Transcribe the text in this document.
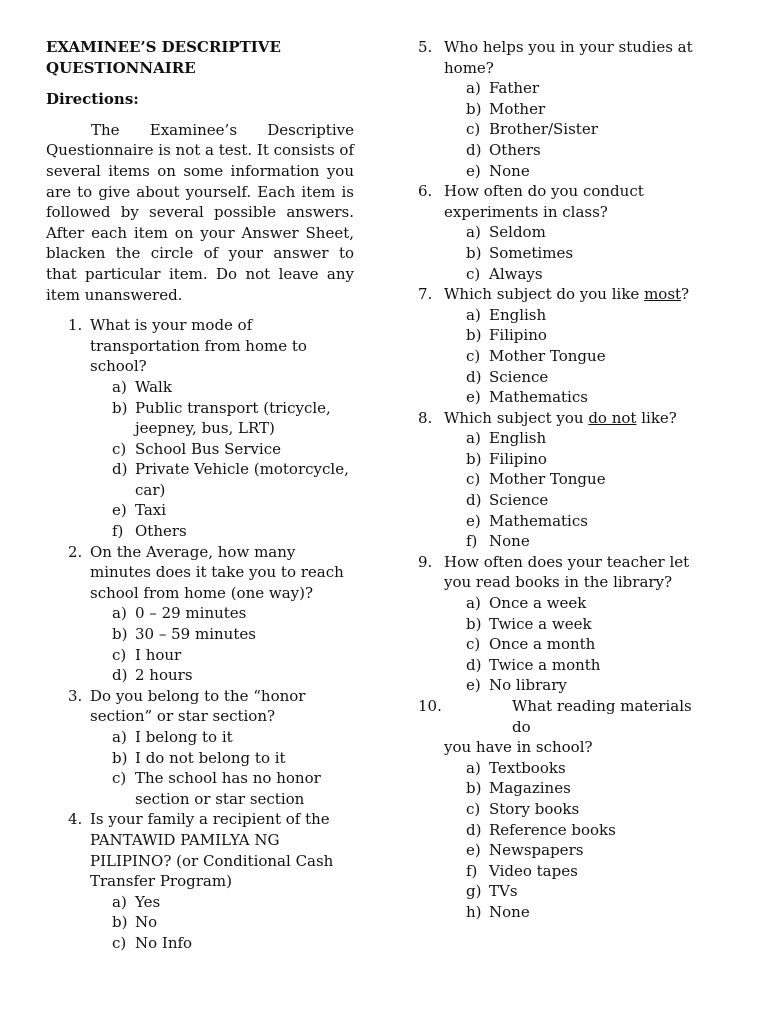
EXAMINEE’S DESCRIPTIVE
QUESTIONNAIRE
Directions:
The Examinee’s Descriptive Questionnaire is not a test. It consists of several items on some information you are to give about yourself. Each item is followed by several possible answers. After each item on your Answer Sheet, blacken the circle of your answer to that particular item. Do not leave any item unanswered.
1. What is your mode of transportation from home to school?
a) Walk
b) Public transport (tricycle, jeepney, bus, LRT)
c) School Bus Service
d) Private Vehicle (motorcycle, car)
e) Taxi
f) Others
2. On the Average, how many minutes does it take you to reach school from home (one way)?
a) 0 – 29 minutes
b) 30 – 59 minutes
c) I hour
d) 2 hours
3. Do you belong to the “honor section” or star section?
a) I belong to it
b) I do not belong to it
c) The school has no honor section or star section
4. Is your family a recipient of the PANTAWID PAMILYA NG PILIPINO? (or Conditional Cash Transfer Program)
a) Yes
b) No
c) No Info
5. Who helps you in your studies at home?
a) Father
b) Mother
c) Brother/Sister
d) Others
e) None
6. How often do you conduct experiments in class?
a) Seldom
b) Sometimes
c) Always
7. Which subject do you like most?
a) English
b) Filipino
c) Mother Tongue
d) Science
e) Mathematics
8. Which subject you do not like?
a) English
b) Filipino
c) Mother Tongue
d) Science
e) Mathematics
f) None
9. How often does your teacher let you read books in the library?
a) Once a week
b) Twice a week
c) Once a month
d) Twice a month
e) No library
10.	What reading materials do
you have in school?
a) Textbooks
b) Magazines
c) Story books
d) Reference books
e) Newspapers
f) Video tapes
g) TVs
h) None
